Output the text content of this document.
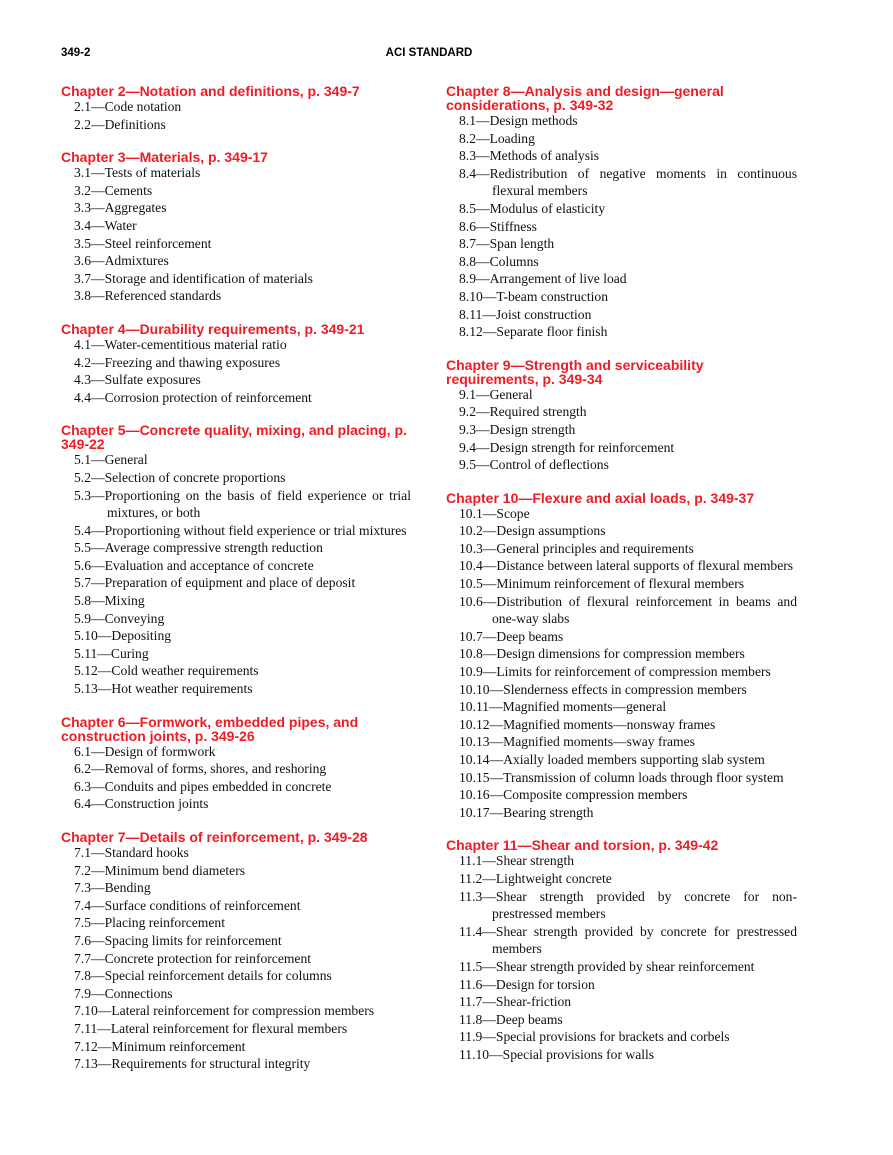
349-2	ACI STANDARD
Chapter 2—Notation and definitions, p. 349-7
2.1—Code notation
2.2—Definitions
Chapter 3—Materials, p. 349-17
3.1—Tests of materials
3.2—Cements
3.3—Aggregates
3.4—Water
3.5—Steel reinforcement
3.6—Admixtures
3.7—Storage and identification of materials
3.8—Referenced standards
Chapter 4—Durability requirements, p. 349-21
4.1—Water-cementitious material ratio
4.2—Freezing and thawing exposures
4.3—Sulfate exposures
4.4—Corrosion protection of reinforcement
Chapter 5—Concrete quality, mixing, and placing, p. 349-22
5.1—General
5.2—Selection of concrete proportions
5.3—Proportioning on the basis of field experience or trial mixtures, or both
5.4—Proportioning without field experience or trial mixtures
5.5—Average compressive strength reduction
5.6—Evaluation and acceptance of concrete
5.7—Preparation of equipment and place of deposit
5.8—Mixing
5.9—Conveying
5.10—Depositing
5.11—Curing
5.12—Cold weather requirements
5.13—Hot weather requirements
Chapter 6—Formwork, embedded pipes, and construction joints, p. 349-26
6.1—Design of formwork
6.2—Removal of forms, shores, and reshoring
6.3—Conduits and pipes embedded in concrete
6.4—Construction joints
Chapter 7—Details of reinforcement, p. 349-28
7.1—Standard hooks
7.2—Minimum bend diameters
7.3—Bending
7.4—Surface conditions of reinforcement
7.5—Placing reinforcement
7.6—Spacing limits for reinforcement
7.7—Concrete protection for reinforcement
7.8—Special reinforcement details for columns
7.9—Connections
7.10—Lateral reinforcement for compression members
7.11—Lateral reinforcement for flexural members
7.12—Minimum reinforcement
7.13—Requirements for structural integrity
Chapter 8—Analysis and design—general considerations, p. 349-32
8.1—Design methods
8.2—Loading
8.3—Methods of analysis
8.4—Redistribution of negative moments in continuous flexural members
8.5—Modulus of elasticity
8.6—Stiffness
8.7—Span length
8.8—Columns
8.9—Arrangement of live load
8.10—T-beam construction
8.11—Joist construction
8.12—Separate floor finish
Chapter 9—Strength and serviceability requirements, p. 349-34
9.1—General
9.2—Required strength
9.3—Design strength
9.4—Design strength for reinforcement
9.5—Control of deflections
Chapter 10—Flexure and axial loads, p. 349-37
10.1—Scope
10.2—Design assumptions
10.3—General principles and requirements
10.4—Distance between lateral supports of flexural members
10.5—Minimum reinforcement of flexural members
10.6—Distribution of flexural reinforcement in beams and one-way slabs
10.7—Deep beams
10.8—Design dimensions for compression members
10.9—Limits for reinforcement of compression members
10.10—Slenderness effects in compression members
10.11—Magnified moments—general
10.12—Magnified moments—nonsway frames
10.13—Magnified moments—sway frames
10.14—Axially loaded members supporting slab system
10.15—Transmission of column loads through floor system
10.16—Composite compression members
10.17—Bearing strength
Chapter 11—Shear and torsion, p. 349-42
11.1—Shear strength
11.2—Lightweight concrete
11.3—Shear strength provided by concrete for non-prestressed members
11.4—Shear strength provided by concrete for prestressed members
11.5—Shear strength provided by shear reinforcement
11.6—Design for torsion
11.7—Shear-friction
11.8—Deep beams
11.9—Special provisions for brackets and corbels
11.10—Special provisions for walls
